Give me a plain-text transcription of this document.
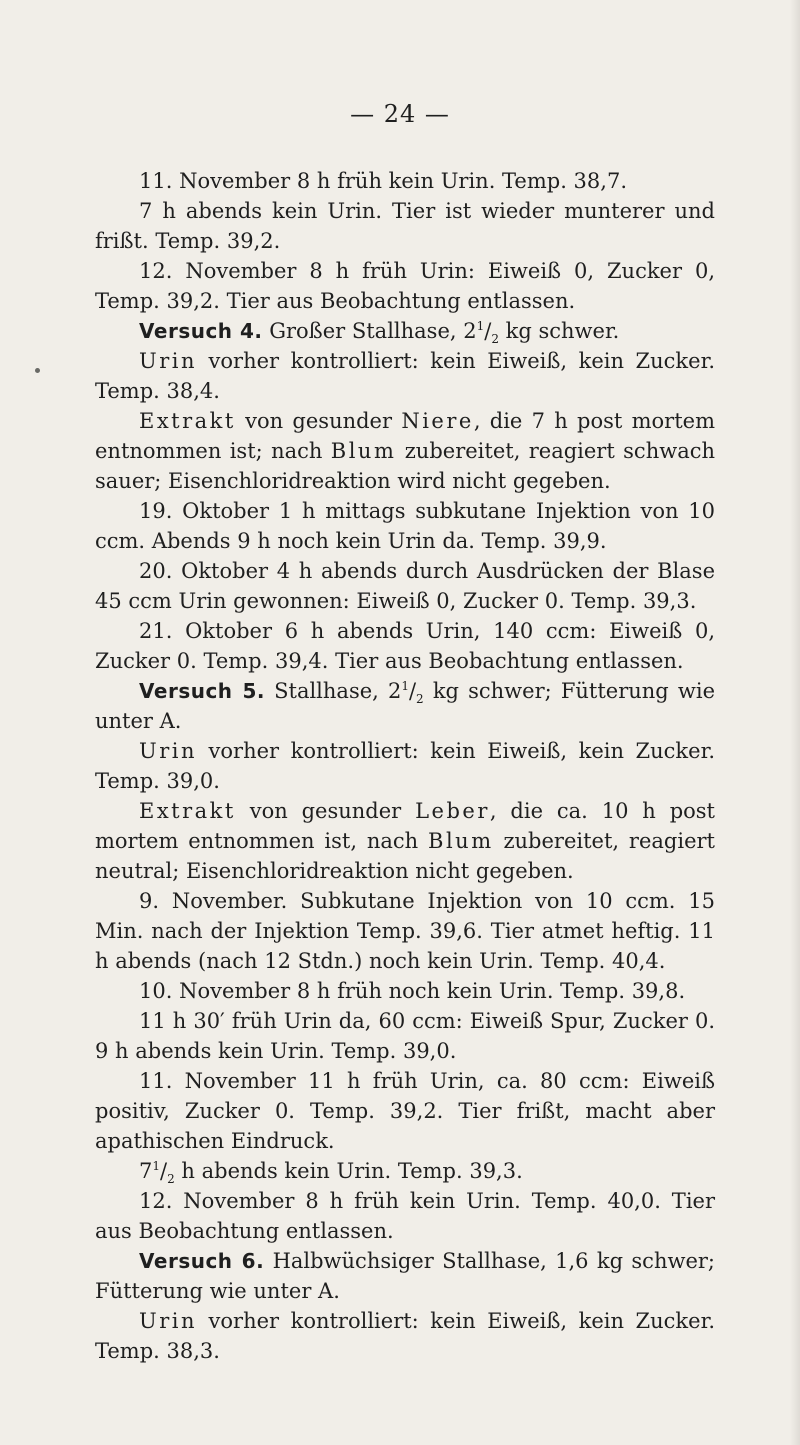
— 24 —

11. November 8 h früh kein Urin. Temp. 38,7.

7 h abends kein Urin. Tier ist wieder munterer und frißt. Temp. 39,2.

12. November 8 h früh Urin: Eiweiß 0, Zucker 0, Temp. 39,2. Tier aus Beobachtung entlassen.

Versuch 4. Großer Stallhase, $2^1/_2$ kg schwer.

Urin vorher kontrolliert: kein Eiweiß, kein Zucker. Temp. 38,4.

Extrakt von gesunder Niere, die 7 h post mortem entnommen ist; nach Blum zubereitet, reagiert schwach sauer; Eisenchloridreaktion wird nicht gegeben.

19. Oktober 1 h mittags subkutane Injektion von 10 ccm. Abends 9 h noch kein Urin da. Temp. 39,9.

20. Oktober 4 h abends durch Ausdrücken der Blase 45 ccm Urin gewonnen: Eiweiß 0, Zucker 0. Temp. 39,3.

21. Oktober 6 h abends Urin, 140 ccm: Eiweiß 0, Zucker 0. Temp. 39,4. Tier aus Beobachtung entlassen.

Versuch 5. Stallhase, $2^1/_2$ kg schwer; Fütterung wie unter A.

Urin vorher kontrolliert: kein Eiweiß, kein Zucker. Temp. 39,0.

Extrakt von gesunder Leber, die ca. 10 h post mortem entnommen ist, nach Blum zubereitet, reagiert neutral; Eisenchloridreaktion nicht gegeben.

9. November. Subkutane Injektion von 10 ccm. 15 Min. nach der Injektion Temp. 39,6. Tier atmet heftig. 11 h abends (nach 12 Stdn.) noch kein Urin. Temp. 40,4.

10. November 8 h früh noch kein Urin. Temp. 39,8.

11 h 30′ früh Urin da, 60 ccm: Eiweiß Spur, Zucker 0. 9 h abends kein Urin. Temp. 39,0.

11. November 11 h früh Urin, ca. 80 ccm: Eiweiß positiv, Zucker 0. Temp. 39,2. Tier frißt, macht aber apathischen Eindruck.

$7^1/_2$ h abends kein Urin. Temp. 39,3.

12. November 8 h früh kein Urin. Temp. 40,0. Tier aus Beobachtung entlassen.

Versuch 6. Halbwüchsiger Stallhase, 1,6 kg schwer; Fütterung wie unter A.

Urin vorher kontrolliert: kein Eiweiß, kein Zucker. Temp. 38,3.
